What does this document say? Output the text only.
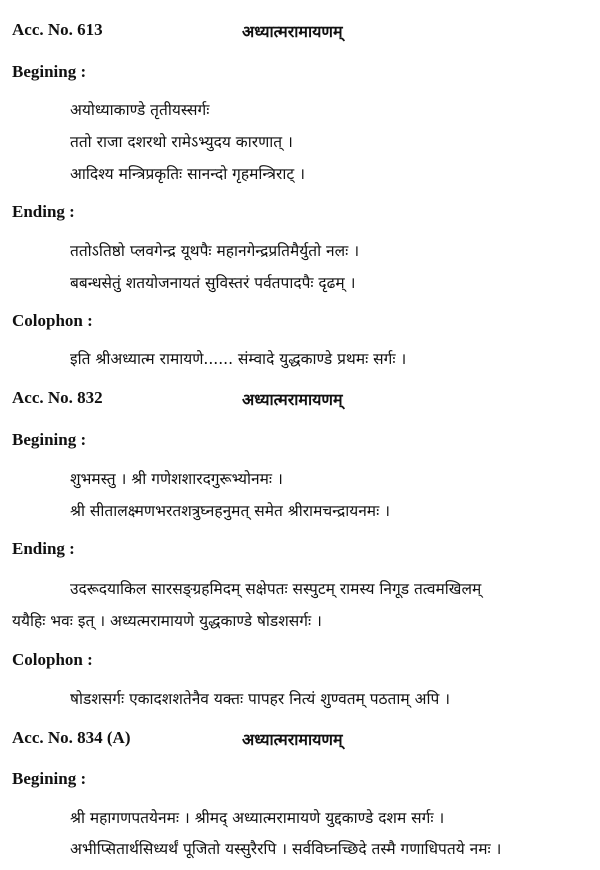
Acc. No. 613	अध्यात्मरामायणम्
Begining :
अयोध्याकाण्डे तृतीयस्सर्गः
ततो राजा दशरथो रामेऽभ्युदय कारणात् ।
आदिश्य मन्त्रिप्रकृतिः सानन्दो गृहमन्त्रिराट् ।
Ending :
ततोऽतिष्ठो प्लवगेन्द्र यूथपैः महानगेन्द्रप्रतिमैर्युतो नलः ।
बबन्धसेतुं शतयोजनायतं सुविस्तरं पर्वतपादपैः दृढम् ।
Colophon :
इति श्रीअध्यात्म रामायणे...... संम्वादे युद्धकाण्डे प्रथमः सर्गः ।
Acc. No. 832	अध्यात्मरामायणम्
Begining :
शुभमस्तु । श्री गणेशशारदगुरूभ्योनमः ।
श्री सीतालक्ष्मणभरतशत्रुघ्नहनुमत् समेत श्रीरामचन्द्रायनमः ।
Ending :
उदरूदयाकिल सारसङ्ग्रहमिदम् सक्षेपतः सस्पुटम् रामस्य निगूड तत्वमखिलम्
ययैहिः भवः इत् । अध्यत्मरामायणे युद्धकाण्डे षोडशसर्गः ।
Colophon :
षोडशसर्गः एकादशशतेनैव यक्तः पापहर नित्यं शुण्वतम् पठताम् अपि ।
Acc. No. 834 (A)	अध्यात्मरामायणम्
Begining :
श्री महागणपतयेनमः । श्रीमद् अध्यात्मरामायणे युद्दकाण्डे दशम सर्गः ।
अभीप्सितार्थसिध्यर्थं पूजितो यस्सुरैरपि । सर्वविघ्नच्छिदे तस्मै गणाधिपतये नमः ।
